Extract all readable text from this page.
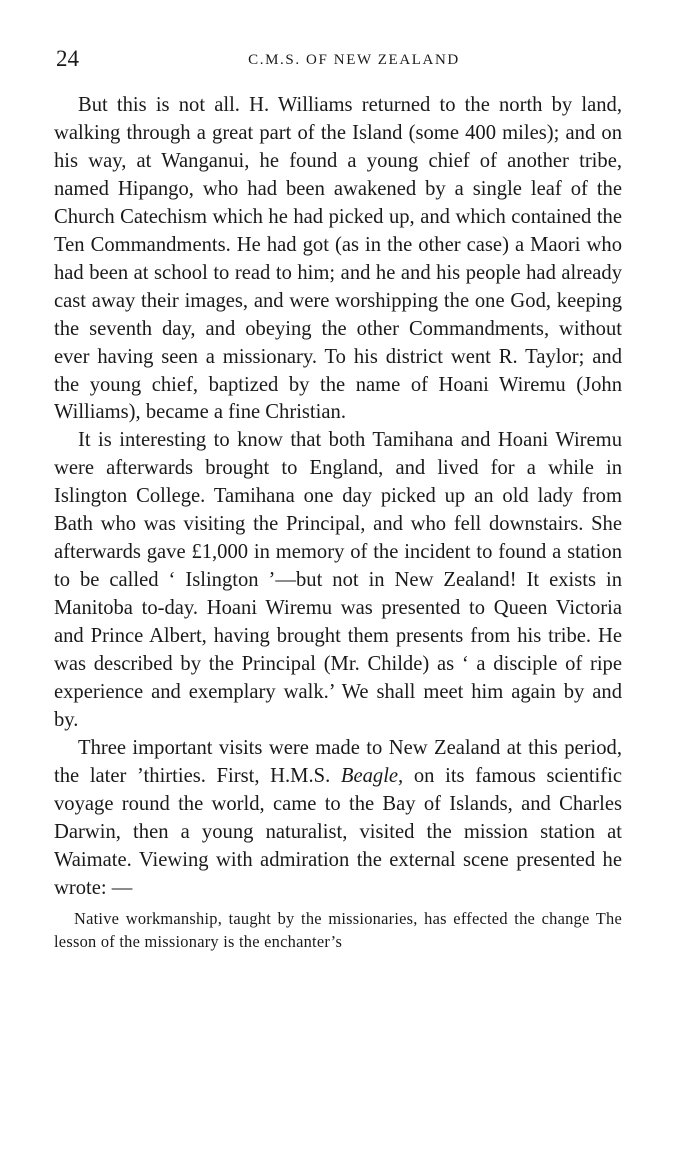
24	C.M.S. OF NEW ZEALAND

But this is not all. H. Williams returned to the north by land, walking through a great part of the Island (some 400 miles); and on his way, at Wanganui, he found a young chief of another tribe, named Hipango, who had been awakened by a single leaf of the Church Catechism which he had picked up, and which contained the Ten Commandments. He had got (as in the other case) a Maori who had been at school to read to him; and he and his people had already cast away their images, and were worshipping the one God, keeping the seventh day, and obeying the other Commandments, without ever having seen a missionary. To his district went R. Taylor; and the young chief, baptized by the name of Hoani Wiremu (John Williams), became a fine Christian.

It is interesting to know that both Tamihana and Hoani Wiremu were afterwards brought to England, and lived for a while in Islington College. Tamihana one day picked up an old lady from Bath who was visiting the Principal, and who fell downstairs. She afterwards gave £1,000 in memory of the incident to found a station to be called ‘ Islington ’—but not in New Zealand! It exists in Manitoba to-day. Hoani Wiremu was presented to Queen Victoria and Prince Albert, having brought them presents from his tribe. He was described by the Principal (Mr. Childe) as ‘ a disciple of ripe experience and exemplary walk.’ We shall meet him again by and by.

Three important visits were made to New Zealand at this period, the later ’thirties. First, H.M.S. Beagle, on its famous scientific voyage round the world, came to the Bay of Islands, and Charles Darwin, then a young naturalist, visited the mission station at Waimate. Viewing with admiration the external scene presented he wrote: —

Native workmanship, taught by the missionaries, has effected the change The lesson of the missionary is the enchanter’s
